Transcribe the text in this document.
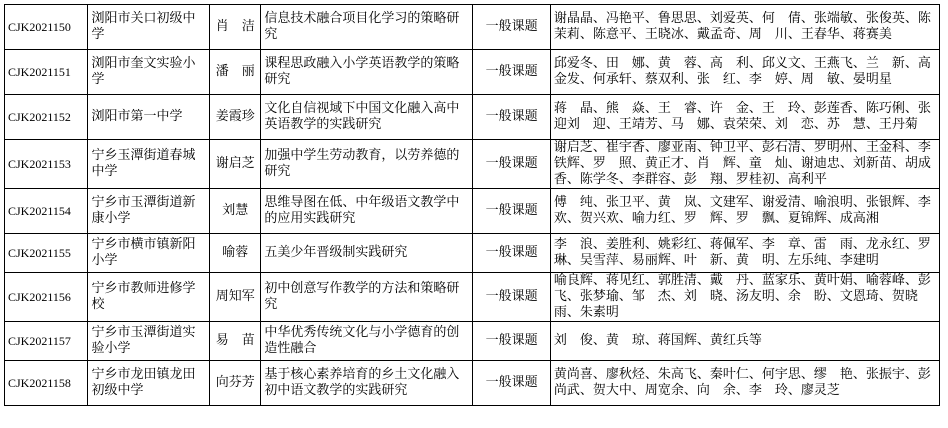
CJK2021150	浏阳市关口初级中学	肖　洁	信息技术融合项目化学习的策略研究	一般课题	谢晶晶、冯艳平、鲁思思、刘爱英、何　倩、张端敏、张俊英、陈茉莉、陈意平、王晓冰、戴孟奇、周　川、王春华、蒋赛美
CJK2021151	浏阳市奎文实验小学	潘　丽	课程思政融入小学英语教学的策略研究	一般课题	邱爱冬、田　娜、黄　蓉、高　利、邱义文、王燕飞、兰　新、高金发、何承轩、蔡双利、张　红、李　婷、周　敏、晏明星
CJK2021152	浏阳市第一中学	姜霞珍	文化自信视域下中国文化融入高中英语教学的实践研究	一般课题	蒋　晶、熊　焱、王　睿、许　金、王　玲、彭莲香、陈巧俐、张迎刘　迎、王靖芳、马　娜、袁荣荣、刘　恋、苏　慧、王丹菊
CJK2021153	宁乡玉潭街道春城中学	谢启芝	加强中学生劳动教育，以劳养德的研究	一般课题	谢启芝、崔宇香、廖亚南、钟卫平、彭石清、罗明州、王金科、李铁辉、罗　照、黄正才、肖　辉、童　灿、谢迪忠、刘新苗、胡成香、陈学冬、李群容、彭　翔、罗桂初、高利平
CJK2021154	宁乡市玉潭街道新康小学	刘慧	思维导图在低、中年级语文教学中的应用实践研究	一般课题	傅　纯、张卫平、黄　岚、文建军、谢爱清、喻浪明、张银辉、李　欢、贺兴欢、喻力红、罗　辉、罗　飘、夏锦辉、成高湘
CJK2021155	宁乡市横市镇新阳小学	喻蓉	五美少年晋级制实践研究	一般课题	李　浪、姜胜利、姚彩红、蒋佩军、李　章、雷　雨、龙永红、罗琳、吴雪萍、易丽辉、叶　新、黄　明、左乐纯、李建明
CJK2021156	宁乡市教师进修学校	周知军	初中创意写作教学的方法和策略研究	一般课题	喻良辉、蒋见红、郭胜清、戴　丹、蓝家乐、黄叶娟、喻蓉峰、彭　飞、张梦瑜、邹　杰、刘　晓、汤友明、余　盼、文恩琦、贺晓雨、朱素明
CJK2021157	宁乡市玉潭街道实验小学	易　苗	中华优秀传统文化与小学德育的创造性融合	一般课题	刘　俊、黄　琼、蒋国辉、黄红兵等
CJK2021158	宁乡市龙田镇龙田初级中学	向芬芳	基于核心素养培育的乡土文化融入初中语文教学的实践研究	一般课题	黄尚喜、廖秋烃、朱高飞、秦叶仁、何宇思、缪　艳、张振宇、彭尚武、贺大中、周宽余、向　余、李　玲、廖灵芝
